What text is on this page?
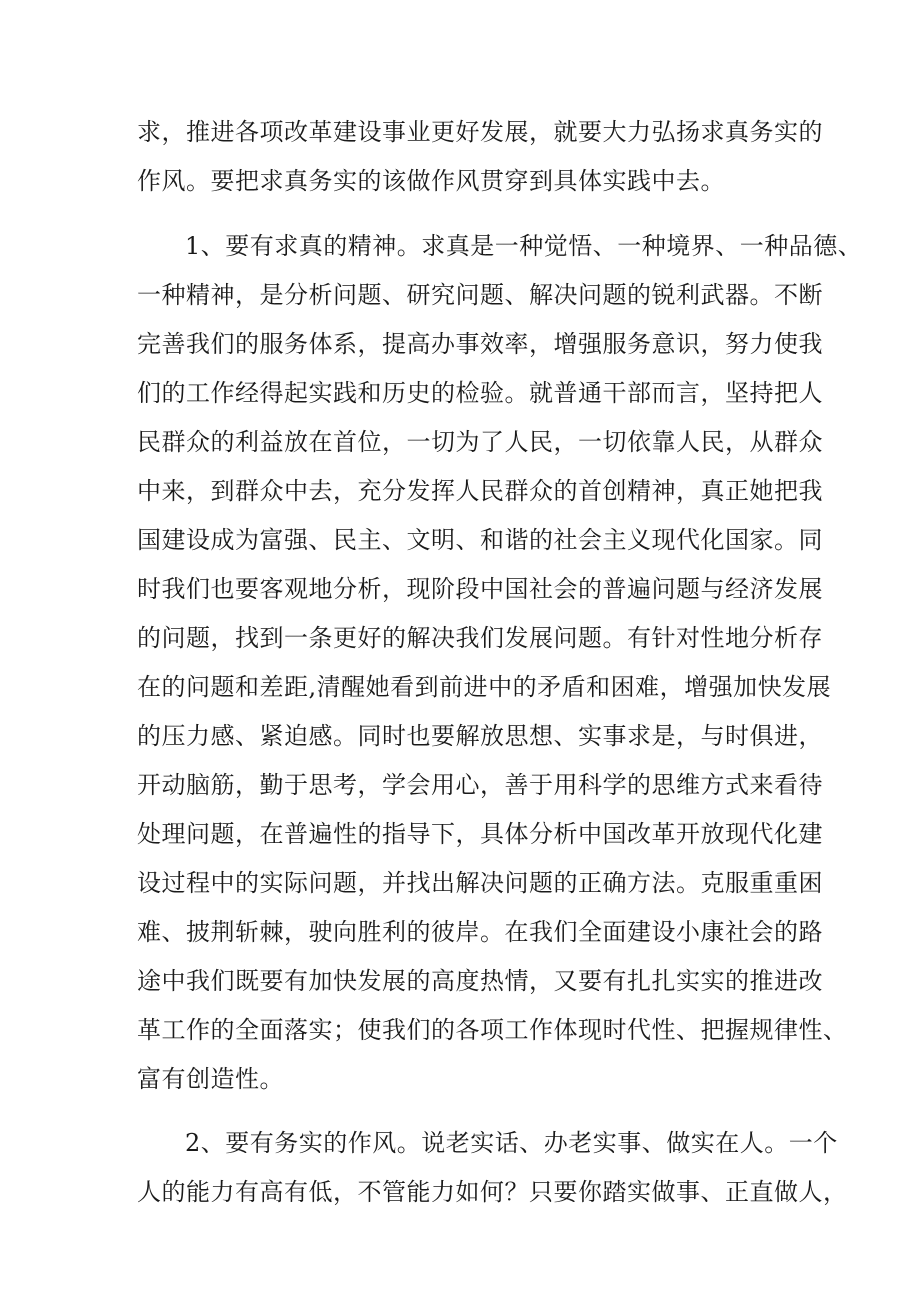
求，推进各项改革建设事业更好发展，就要大力弘扬求真务实的
作风。要把求真务实的该做作风贯穿到具体实践中去。
1、要有求真的精神。求真是一种觉悟、一种境界、一种品德、
一种精神，是分析问题、研究问题、解决问题的锐利武器。不断
完善我们的服务体系，提高办事效率，增强服务意识，努力使我
们的工作经得起实践和历史的检验。就普通干部而言，坚持把人
民群众的利益放在首位，一切为了人民，一切依靠人民，从群众
中来，到群众中去，充分发挥人民群众的首创精神，真正她把我
国建设成为富强、民主、文明、和谐的社会主义现代化国家。同
时我们也要客观地分析，现阶段中国社会的普遍问题与经济发展
的问题，找到一条更好的解决我们发展问题。有针对性地分析存
在的问题和差距,清醒她看到前进中的矛盾和困难，增强加快发展
的压力感、紧迫感。同时也要解放思想、实事求是，与时俱进，
开动脑筋，勤于思考，学会用心，善于用科学的思维方式来看待
处理问题，在普遍性的指导下，具体分析中国改革开放现代化建
设过程中的实际问题，并找出解决问题的正确方法。克服重重困
难、披荆斩棘，驶向胜利的彼岸。在我们全面建设小康社会的路
途中我们既要有加快发展的高度热情，又要有扎扎实实的推进改
革工作的全面落实；使我们的各项工作体现时代性、把握规律性、
富有创造性。
2、要有务实的作风。说老实话、办老实事、做实在人。一个
人的能力有高有低，不管能力如何？只要你踏实做事、正直做人，
